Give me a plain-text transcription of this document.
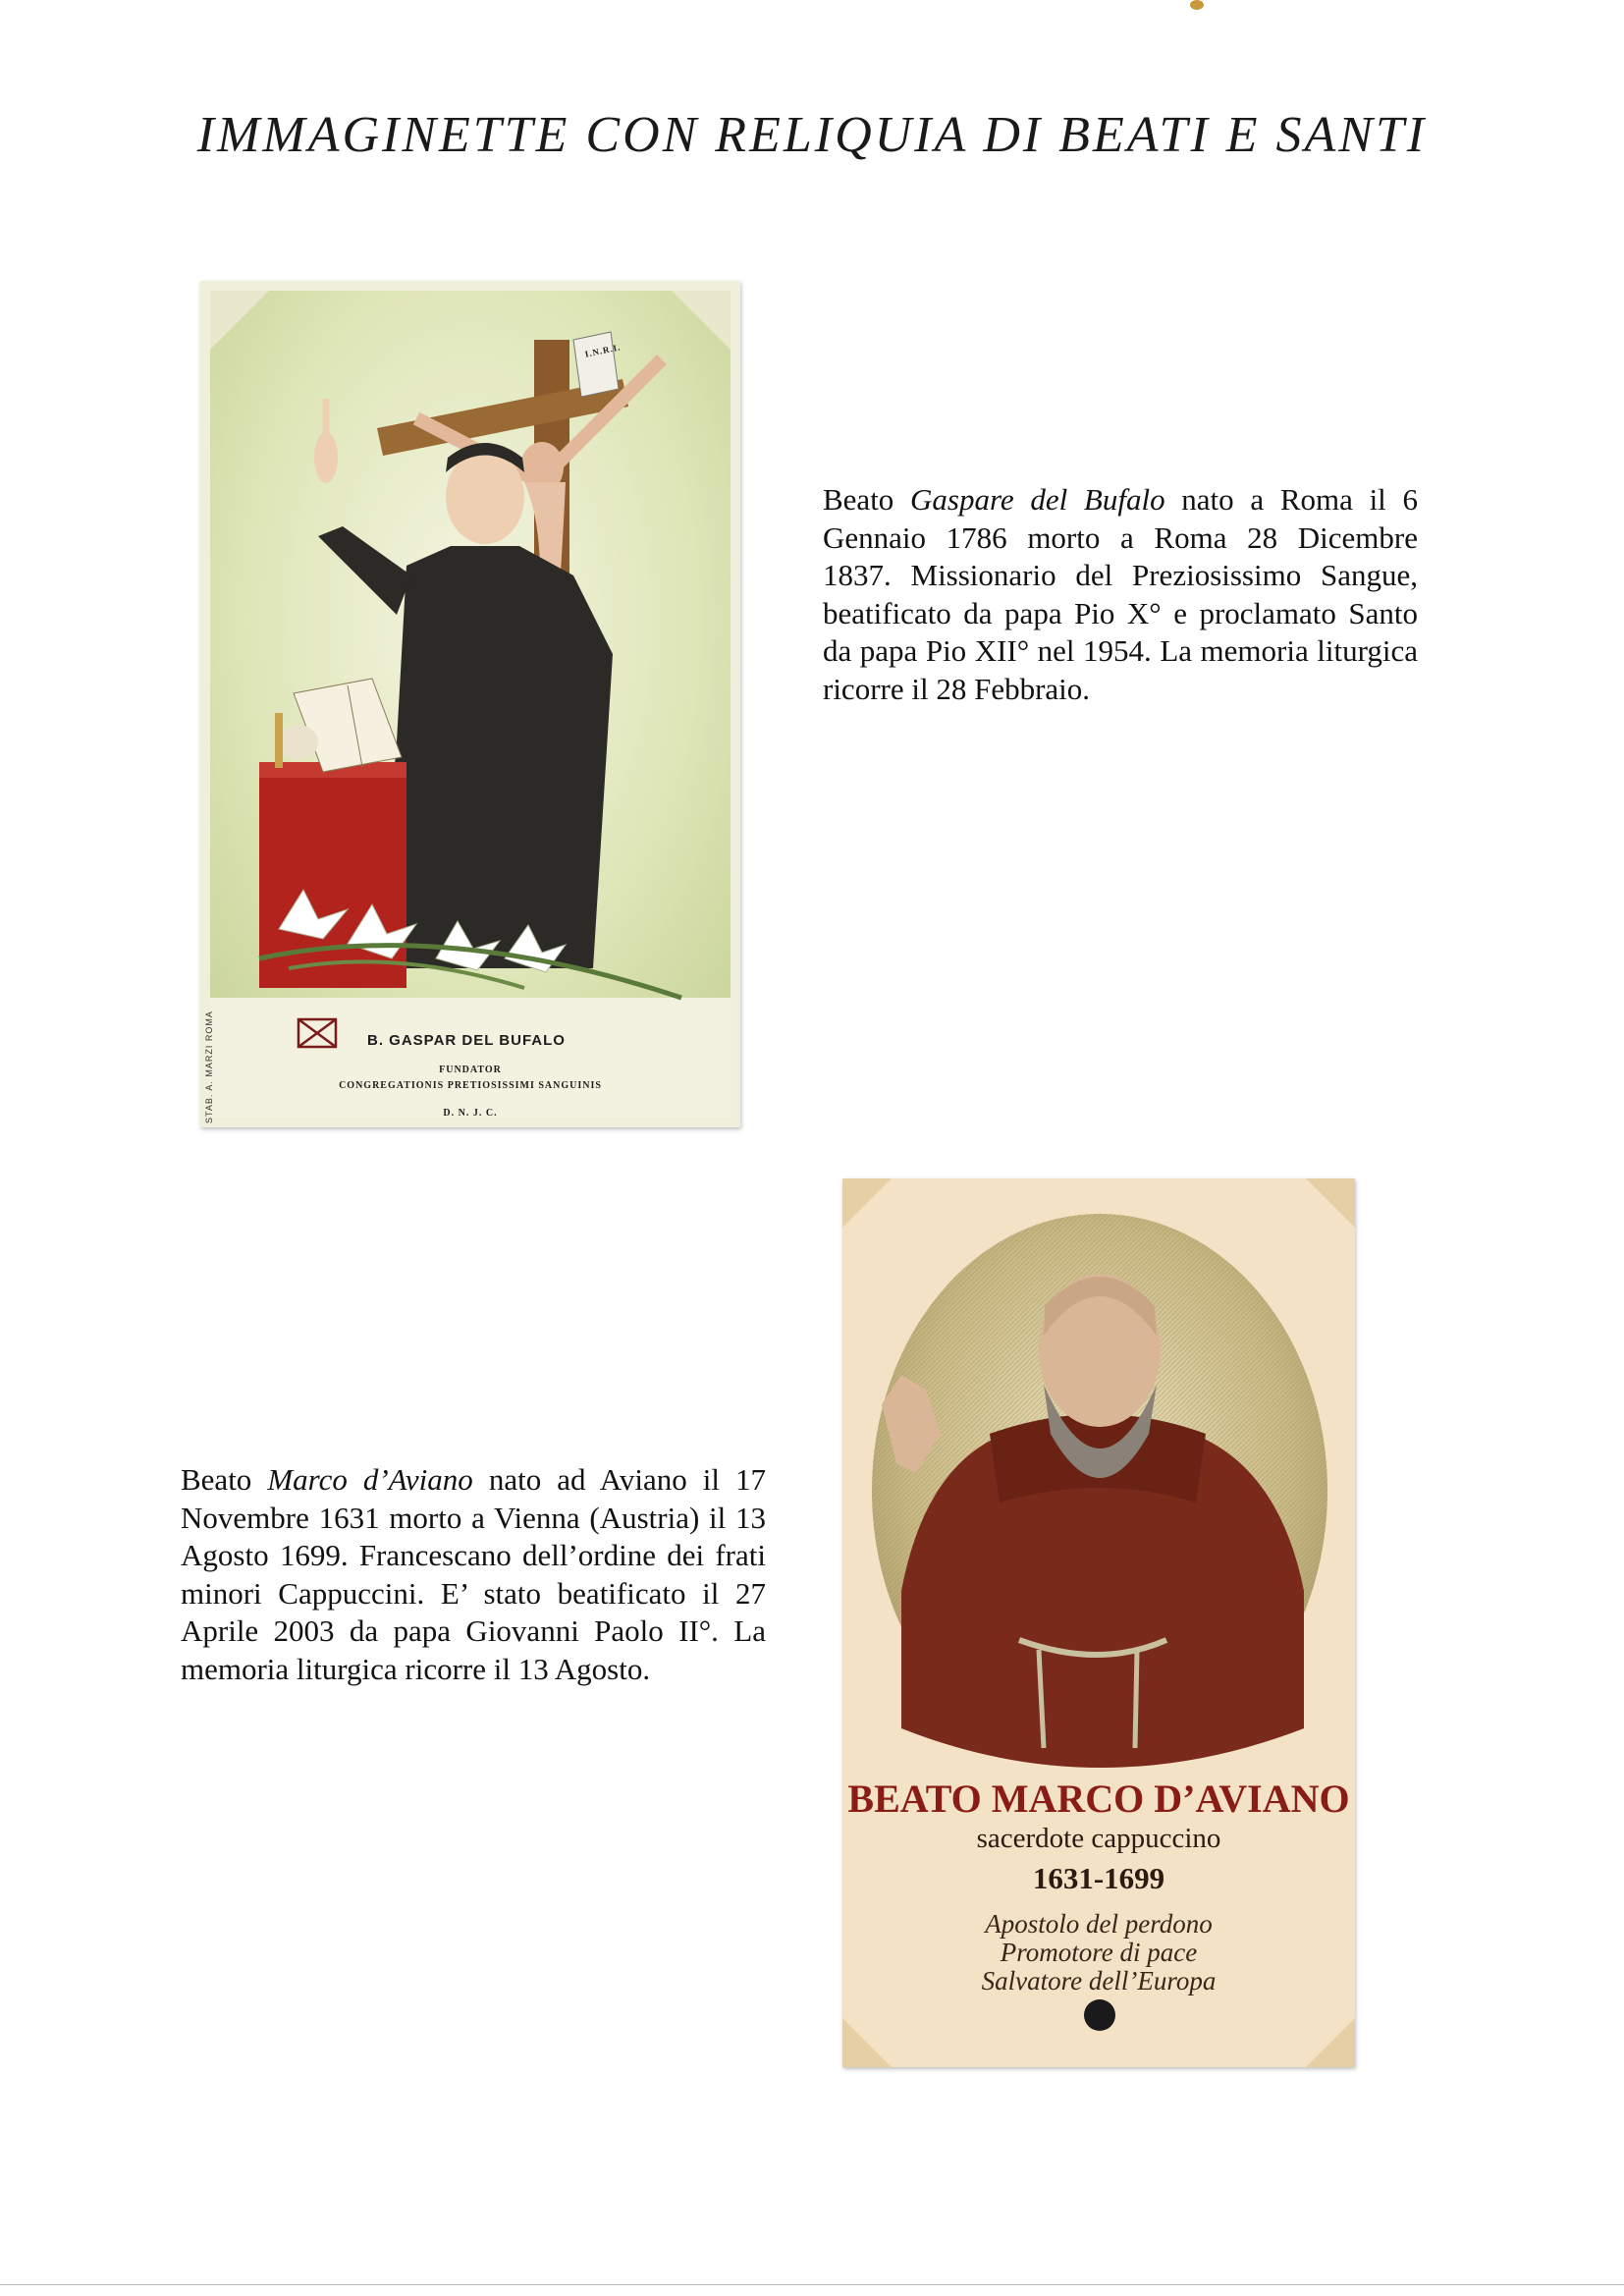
IMMAGINETTE CON RELIQUIA DI BEATI E SANTI
B. GASPAR DEL BUFALO
FUNDATOR
CONGREGATIONIS PRETIOSISSIMI SANGUINIS
D. N. J. C.
I.N.R.I.
STAB. A. MARZI ROMA

Beato Gaspare del Bufalo nato a Roma il 6 Gennaio 1786 morto a Roma 28 Dicembre 1837. Missionario del Preziosissimo Sangue, beatificato da papa Pio X° e proclamato Santo da papa Pio XII° nel 1954. La memoria liturgica ricorre il 28 Febbraio.

Beato Marco d’Aviano nato ad Aviano il 17 Novembre 1631 morto a Vienna (Austria) il 13 Agosto 1699. Francescano dell’ordine dei frati minori Cappuccini. E’ stato beatificato il 27 Aprile 2003 da papa Giovanni Paolo II°. La memoria liturgica ricorre il 13 Agosto.

BEATO MARCO D’AVIANO
sacerdote cappuccino
1631-1699
Apostolo del perdono
Promotore di pace
Salvatore dell’Europa
